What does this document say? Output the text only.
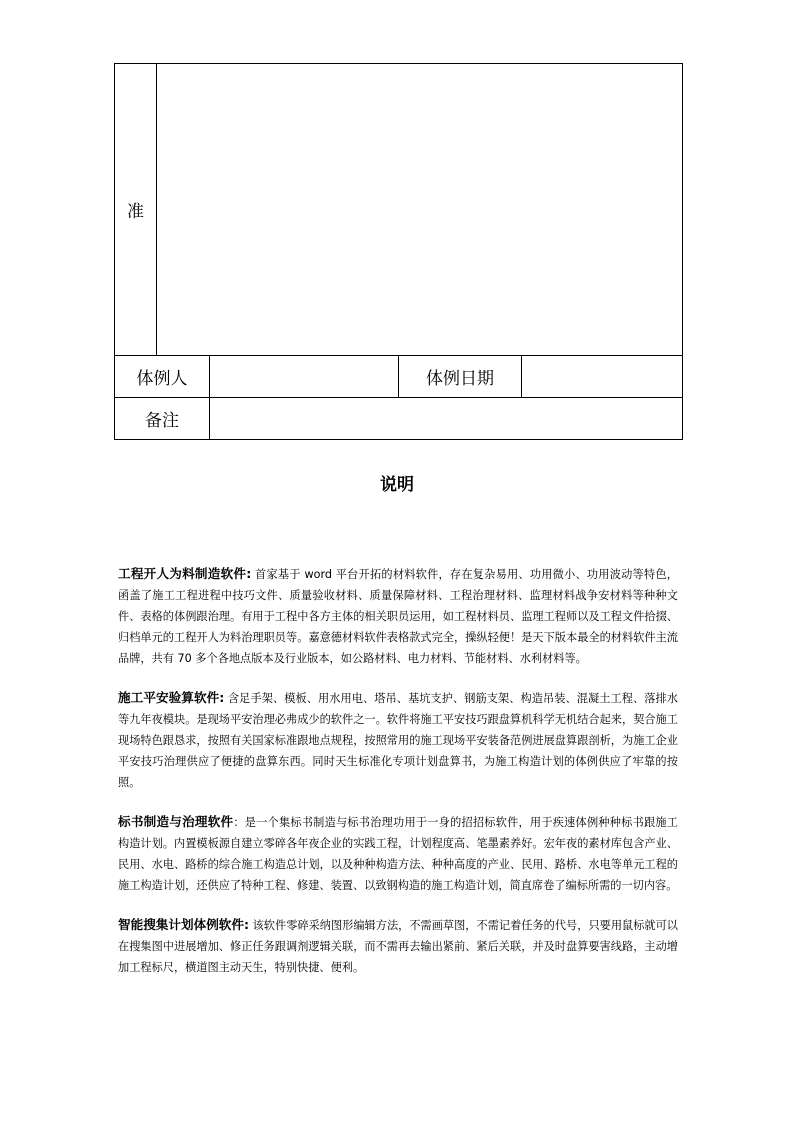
准				
体例人			体例日期	
备注				
说明

工程开人为料制造软件: 首家基于 word 平台开拓的材料软件，存在复杂易用、功用微小、功用波动等特色，函盖了施工工程进程中技巧文件、质量验收材料、质量保障材料、工程治理材料、监理材料战争安材料等种种文件、表格的体例跟治理。有用于工程中各方主体的相关职员运用，如工程材料员、监理工程师以及工程文件拾掇、归档单元的工程开人为料治理职员等。嘉意德材料软件表格款式完全，操纵轻便！是天下版本最全的材料软件主流品牌，共有 70 多个各地点版本及行业版本，如公路材料、电力材料、节能材料、水利材料等。

施工平安验算软件: 含足手架、模板、用水用电、塔吊、基坑支护、钢筋支架、构造吊装、混凝土工程、落排水等九年夜模块。是现场平安治理必弗成少的软件之一。软件将施工平安技巧跟盘算机科学无机结合起来，契合施工现场特色跟恳求，按照有关国家标准跟地点规程，按照常用的施工现场平安装备范例进展盘算跟剖析，为施工企业平安技巧治理供应了便捷的盘算东西。同时天生标准化专项计划盘算书，为施工构造计划的体例供应了牢靠的按照。

标书制造与治理软件：是一个集标书制造与标书治理功用于一身的招招标软件，用于疾速体例种种标书跟施工构造计划。内置模板源自建立零碎各年夜企业的实践工程，计划程度高、笔墨素养好。宏年夜的素材库包含产业、民用、水电、路桥的综合施工构造总计划，以及种种构造方法、种种高度的产业、民用、路桥、水电等单元工程的施工构造计划，还供应了特种工程、修建、装置、以致钢构造的施工构造计划，简直席卷了编标所需的一切内容。

智能搜集计划体例软件: 该软件零碎采纳图形编辑方法，不需画草图，不需记着任务的代号，只要用鼠标就可以在搜集图中进展增加、修正任务跟调剂逻辑关联，而不需再去输出紧前、紧后关联，并及时盘算要害线路，主动增加工程标尺，横道图主动天生，特别快捷、便利。
